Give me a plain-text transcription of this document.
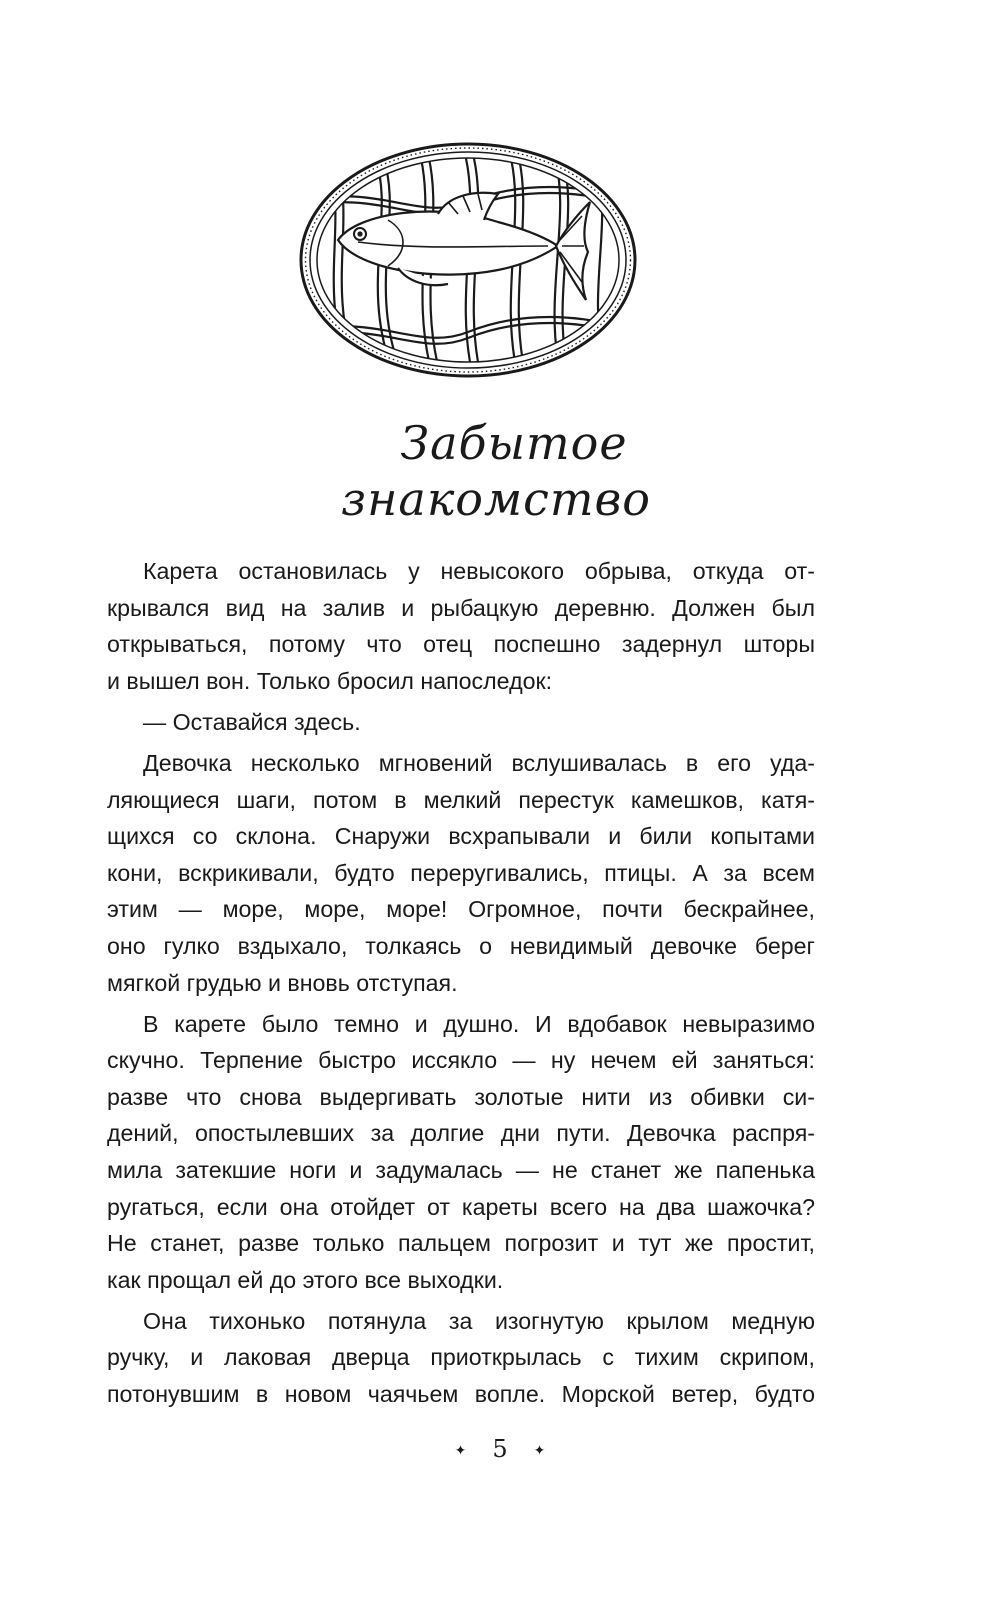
Забытое
знакомство

Карета остановилась у невысокого обрыва, откуда от-
крывался вид на залив и рыбацкую деревню. Должен был
открываться, потому что отец поспешно задернул шторы
и вышел вон. Только бросил напоследок:

— Оставайся здесь.

Девочка несколько мгновений вслушивалась в его уда-
ляющиеся шаги, потом в мелкий перестук камешков, катя-
щихся со склона. Снаружи всхрапывали и били копытами
кони, вскрикивали, будто переругивались, птицы. А за всем
этим — море, море, море! Огромное, почти бескрайнее,
оно гулко вздыхало, толкаясь о невидимый девочке берег
мягкой грудью и вновь отступая.

В карете было темно и душно. И вдобавок невыразимо
скучно. Терпение быстро иссякло — ну нечем ей заняться:
разве что снова выдергивать золотые нити из обивки си-
дений, опостылевших за долгие дни пути. Девочка распря-
мила затекшие ноги и задумалась — не станет же папенька
ругаться, если она отойдет от кареты всего на два шажочка?
Не станет, разве только пальцем погрозит и тут же простит,
как прощал ей до этого все выходки.

Она тихонько потянула за изогнутую крылом медную
ручку, и лаковая дверца приоткрылась с тихим скрипом,
потонувшим в новом чаячьем вопле. Морской ветер, будто

✦ 5 ✦
